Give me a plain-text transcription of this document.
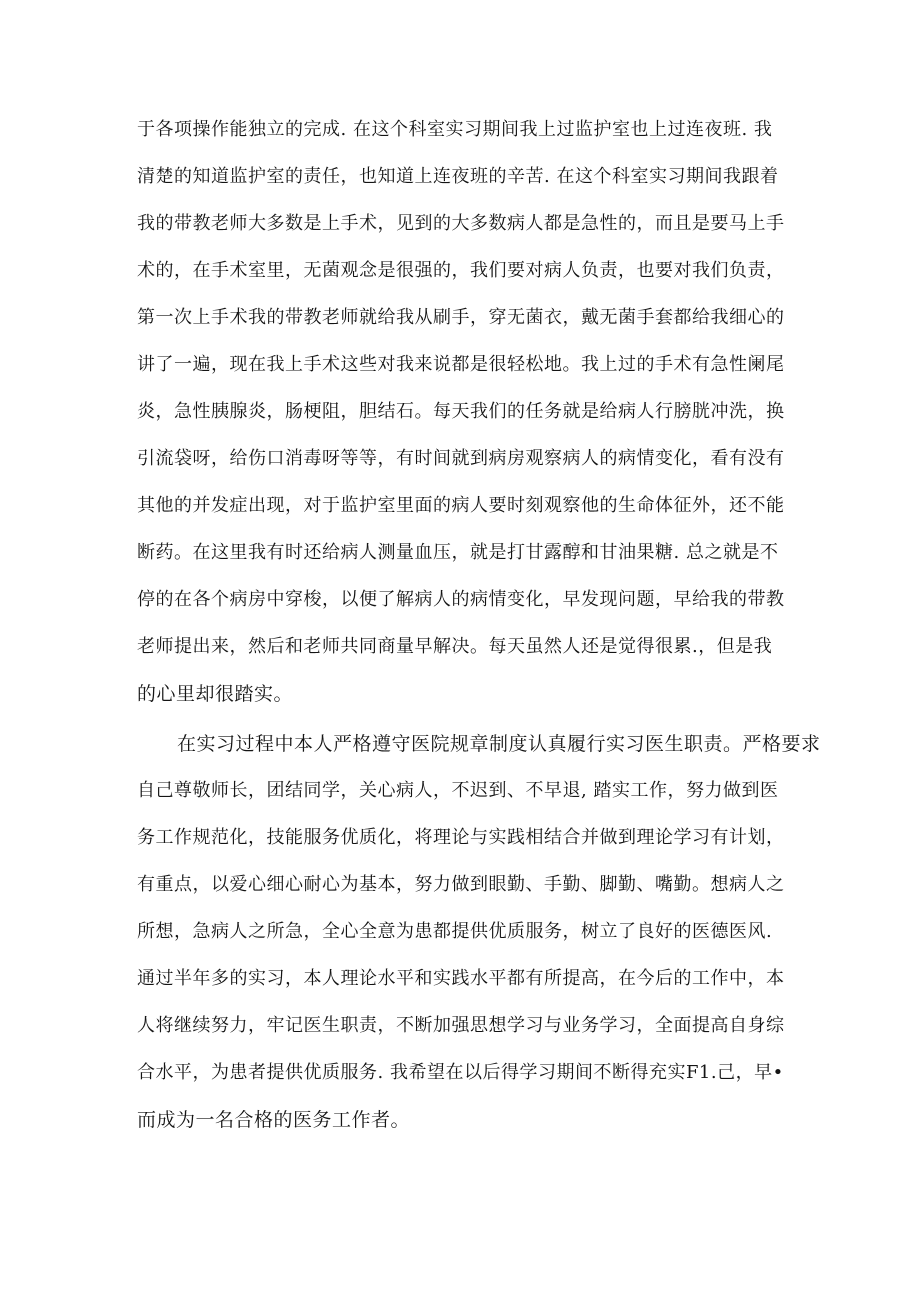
于各项操作能独立的完成. 在这个科室实习期间我上过监护室也上过连夜班. 我
清楚的知道监护室的责任，也知道上连夜班的辛苦. 在这个科室实习期间我跟着
我的带教老师大多数是上手术，见到的大多数病人都是急性的，而且是要马上手
术的，在手术室里，无菌观念是很强的，我们要对病人负责，也要对我们负责，
第一次上手术我的带教老师就给我从刷手，穿无菌衣，戴无菌手套都给我细心的
讲了一遍，现在我上手术这些对我来说都是很轻松地。我上过的手术有急性阑尾
炎，急性胰腺炎，肠梗阻，胆结石。每天我们的任务就是给病人行膀胱冲洗，换
引流袋呀，给伤口消毒呀等等，有时间就到病房观察病人的病情变化，看有没有
其他的并发症出现，对于监护室里面的病人要时刻观察他的生命体征外，还不能
断药。在这里我有时还给病人测量血压，就是打甘露醇和甘油果糖. 总之就是不
停的在各个病房中穿梭，以便了解病人的病情变化，早发现问题，早给我的带教
老师提出来，然后和老师共同商量早解决。每天虽然人还是觉得很累.，但是我
的心里却很踏实。
在实习过程中本人严格遵守医院规章制度认真履行实习医生职责。严格要求
自己尊敬师长，团结同学，关心病人，不迟到、不早退, 踏实工作，努力做到医
务工作规范化，技能服务优质化，将理论与实践相结合并做到理论学习有计划，
有重点，以爱心细心耐心为基本，努力做到眼勤、手勤、脚勤、嘴勤。想病人之
所想，急病人之所急，全心全意为患都提供优质服务，树立了良好的医德医风.
通过半年多的实习，本人理论水平和实践水平都有所提高，在今后的工作中，本
人将继续努力，牢记医生职责，不断加强思想学习与业务学习，全面提高自身综
合水平，为患者提供优质服务. 我希望在以后得学习期间不断得充实F1.己，早•
而成为一名合格的医务工作者。
